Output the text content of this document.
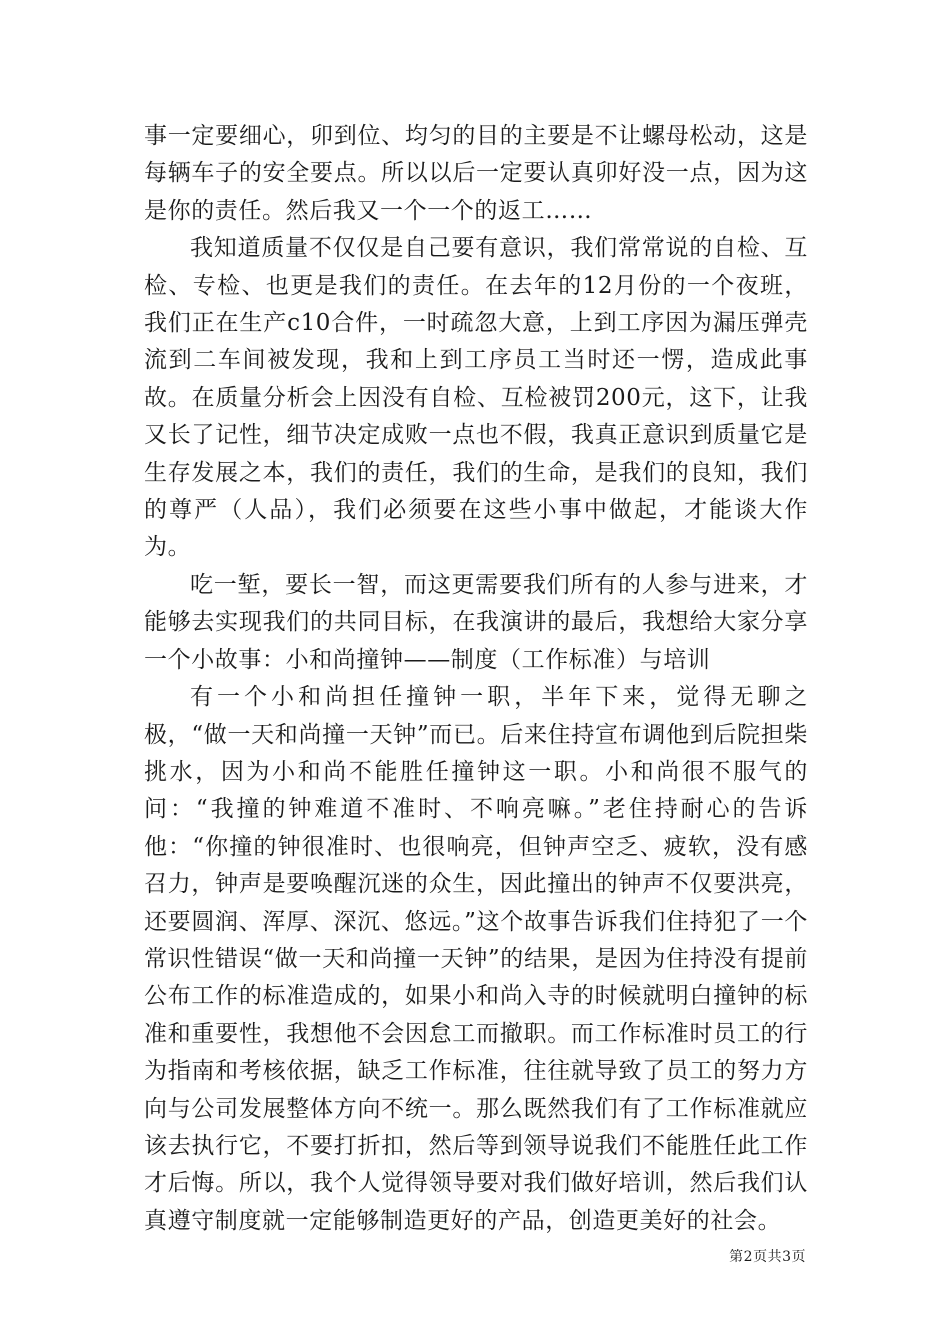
事一定要细心，卯到位、均匀的目的主要是不让螺母松动，这是每辆车子的安全要点。所以以后一定要认真卯好没一点，因为这是你的责任。然后我又一个一个的返工……

我知道质量不仅仅是自己要有意识，我们常常说的自检、互检、专检、也更是我们的责任。在去年的12月份的一个夜班，我们正在生产c10合件，一时疏忽大意，上到工序因为漏压弹壳流到二车间被发现，我和上到工序员工当时还一愣，造成此事故。在质量分析会上因没有自检、互检被罚200元，这下，让我又长了记性，细节决定成败一点也不假，我真正意识到质量它是生存发展之本，我们的责任，我们的生命，是我们的良知，我们的尊严（人品），我们必须要在这些小事中做起，才能谈大作为。

吃一堑，要长一智，而这更需要我们所有的人参与进来，才能够去实现我们的共同目标，在我演讲的最后，我想给大家分享一个小故事：小和尚撞钟——制度（工作标准）与培训

有一个小和尚担任撞钟一职，半年下来，觉得无聊之极，“做一天和尚撞一天钟”而已。后来住持宣布调他到后院担柴挑水，因为小和尚不能胜任撞钟这一职。小和尚很不服气的问：“我撞的钟难道不准时、不响亮嘛。”老住持耐心的告诉他：“你撞的钟很准时、也很响亮，但钟声空乏、疲软，没有感召力，钟声是要唤醒沉迷的众生，因此撞出的钟声不仅要洪亮，还要圆润、浑厚、深沉、悠远。”这个故事告诉我们住持犯了一个常识性错误“做一天和尚撞一天钟”的结果，是因为住持没有提前公布工作的标准造成的，如果小和尚入寺的时候就明白撞钟的标准和重要性，我想他不会因怠工而撤职。而工作标准时员工的行为指南和考核依据，缺乏工作标准，往往就导致了员工的努力方向与公司发展整体方向不统一。那么既然我们有了工作标准就应该去执行它，不要打折扣，然后等到领导说我们不能胜任此工作才后悔。所以，我个人觉得领导要对我们做好培训，然后我们认真遵守制度就一定能够制造更好的产品，创造更美好的社会。

第2页共3页
